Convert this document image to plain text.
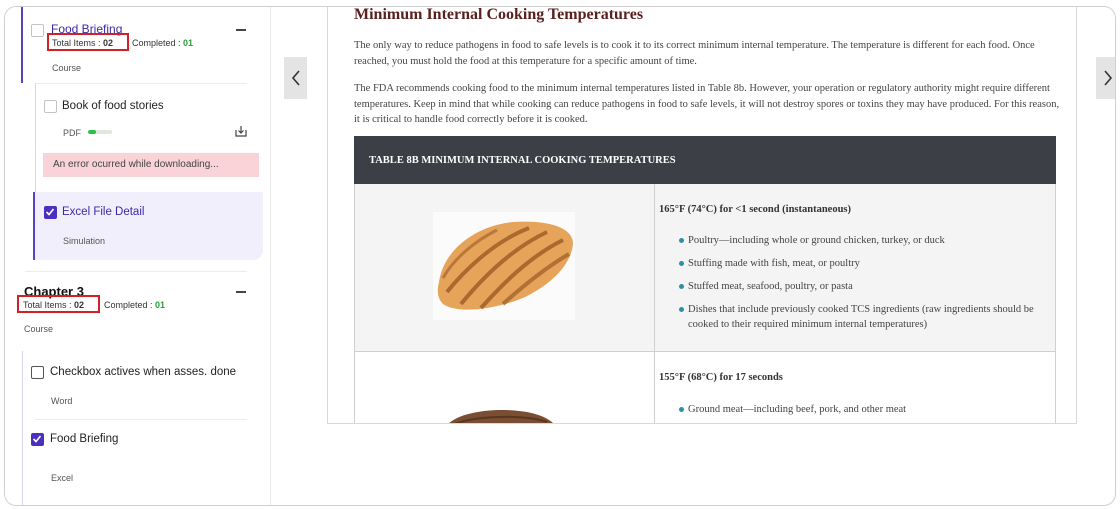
Food Briefing
Total Items : 02 Completed : 01
Course
Book of food stories
PDF
An error ocurred while downloading...
Excel File Detail
Simulation
Chapter 3
Total Items : 02 Completed : 01
Course
Checkbox actives when asses. done
Word
Food Briefing
Excel
Minimum Internal Cooking Temperatures

The only way to reduce pathogens in food to safe levels is to cook it to its correct minimum internal temperature. The temperature is different for each food. Once reached, you must hold the food at this temperature for a specific amount of time.

The FDA recommends cooking food to the minimum internal temperatures listed in Table 8b. However, your operation or regulatory authority might require different temperatures. Keep in mind that while cooking can reduce pathogens in food to safe levels, it will not destroy spores or toxins they may have produced. For this reason, it is critical to handle food correctly before it is cooked.

TABLE 8B MINIMUM INTERNAL COOKING TEMPERATURES
165°F (74°C) for <1 second (instantaneous)
Poultry—including whole or ground chicken, turkey, or duck
Stuffing made with fish, meat, or poultry
Stuffed meat, seafood, poultry, or pasta
Dishes that include previously cooked TCS ingredients (raw ingredients should be cooked to their required minimum internal temperatures)
155°F (68°C) for 17 seconds
Ground meat—including beef, pork, and other meat
